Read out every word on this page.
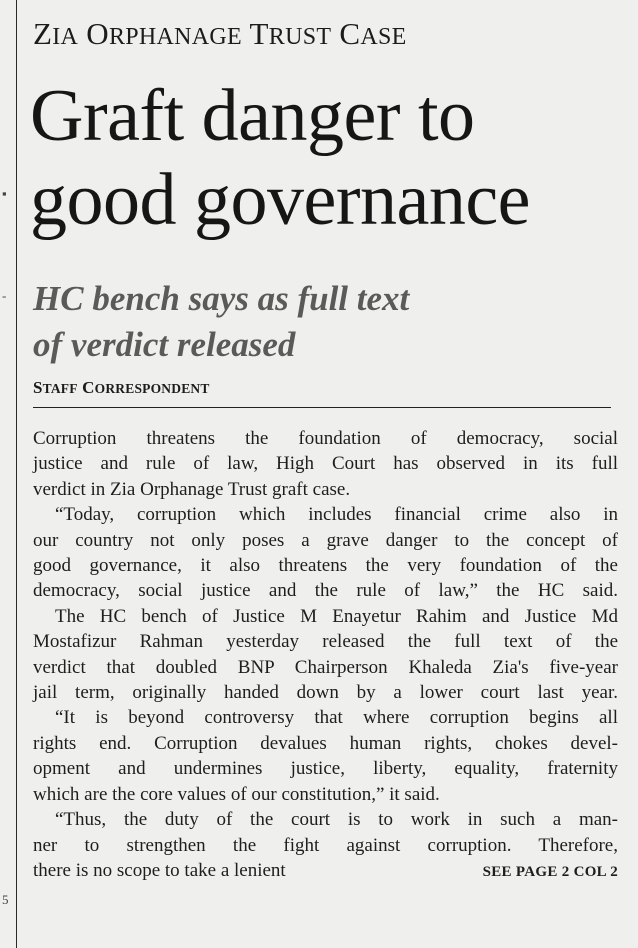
▪
-
5
ZIA ORPHANAGE TRUST CASE
Graft danger to
good governance
HC bench says as full text
of verdict released
STAFF CORRESPONDENT

Corruption threatens the foundation of democracy, social
justice and rule of law, High Court has observed in its full
verdict in Zia Orphanage Trust graft case.

“Today, corruption which includes financial crime also in
our country not only poses a grave danger to the concept of
good governance, it also threatens the very foundation of the
democracy, social justice and the rule of law,” the HC said.

The HC bench of Justice M Enayetur Rahim and Justice Md
Mostafizur Rahman yesterday released the full text of the
verdict that doubled BNP Chairperson Khaleda Zia's five-year
jail term, originally handed down by a lower court last year.

“It is beyond controversy that where corruption begins all
rights end. Corruption devalues human rights, chokes devel-
opment and undermines justice, liberty, equality, fraternity
which are the core values of our constitution,” it said.

“Thus, the duty of the court is to work in such a man-
ner to strengthen the fight against corruption. Therefore,

there is no scope to take a lenient	SEE PAGE 2 COL 2
